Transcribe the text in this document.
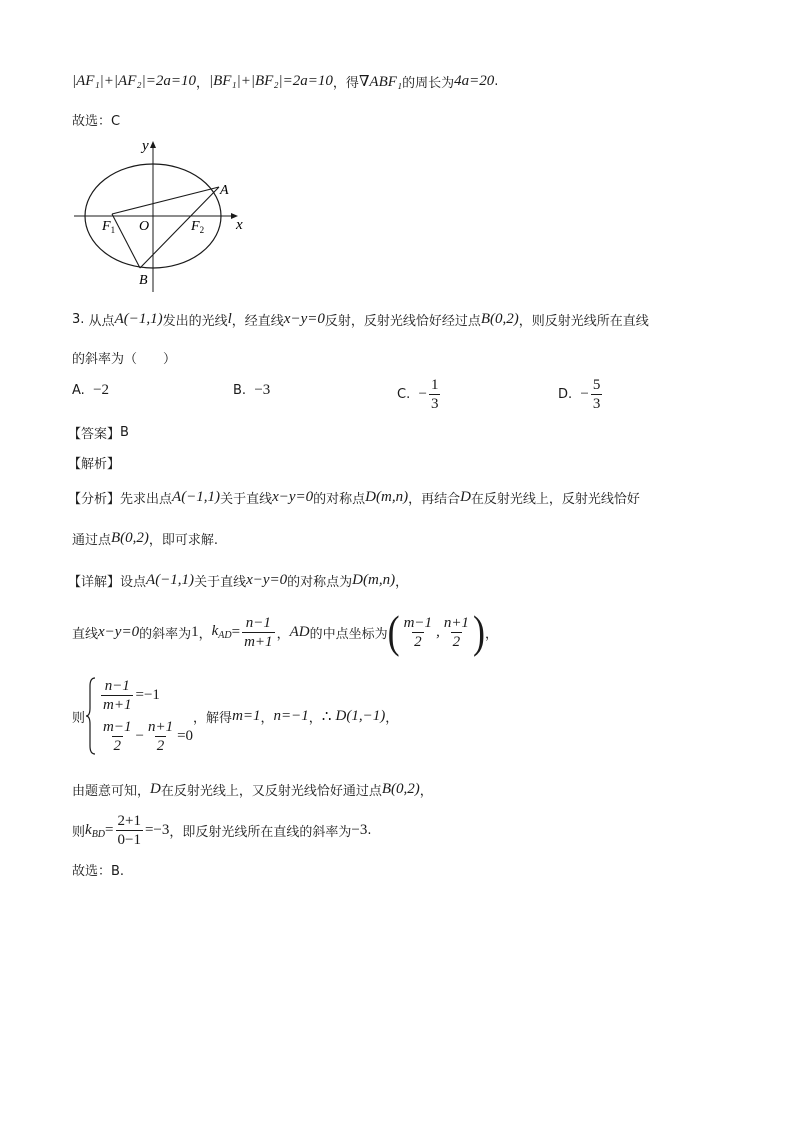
|AF₁|+|AF₂|=2a=10 ， |BF₁|+|BF₂|=2a=10 ，得 ∇ABF₁ 的周长为 4a=20 .
故选：C
y
x
A
B
O
$F_1$	$F_2$
3.
从点 A(−1,1) 发出的光线 l ，经直线 x−y=0 反射，反射光线恰好经过点 B(0,2) ，则反射光线所在直线
的斜率为（　　）
A.
−2	B.
−3	C.
− $\frac{1}{3}$	D.
− $\frac{5}{3}$
【答案】 B
【解析】
【分析】 先求出点 A(−1,1) 关于直线 x−y=0 的对称点 D(m,n) ，再结合 D 在反射光线上，反射光线恰好
通过点 B(0,2) ，即可求解.
【详解】 设点 A(−1,1) 关于直线 x−y=0 的对称点为 D(m,n) ，
直线 x−y=0 的斜率为 1 ， $k_{AD} = \frac{n-1}{m+1}$ ， AD 的中点坐标为 ( $\frac{m-1}{2}$ , $\frac{n+1}{2}$ ) ，
则
$\frac{n-1}{m+1} =-1$
$\frac{m-1}{2} - \frac{n+1}{2} =0$
，解得 m=1 ， n=−1 ， ∴
D(1,−1) ，
由题意可知， D 在反射光线上，又反射光线恰好通过点 B(0,2) ，
则 $k_{BD} = \frac{2+1}{0-1} =-3$ ，即反射光线所在直线的斜率为 −3 .
故选：B.
